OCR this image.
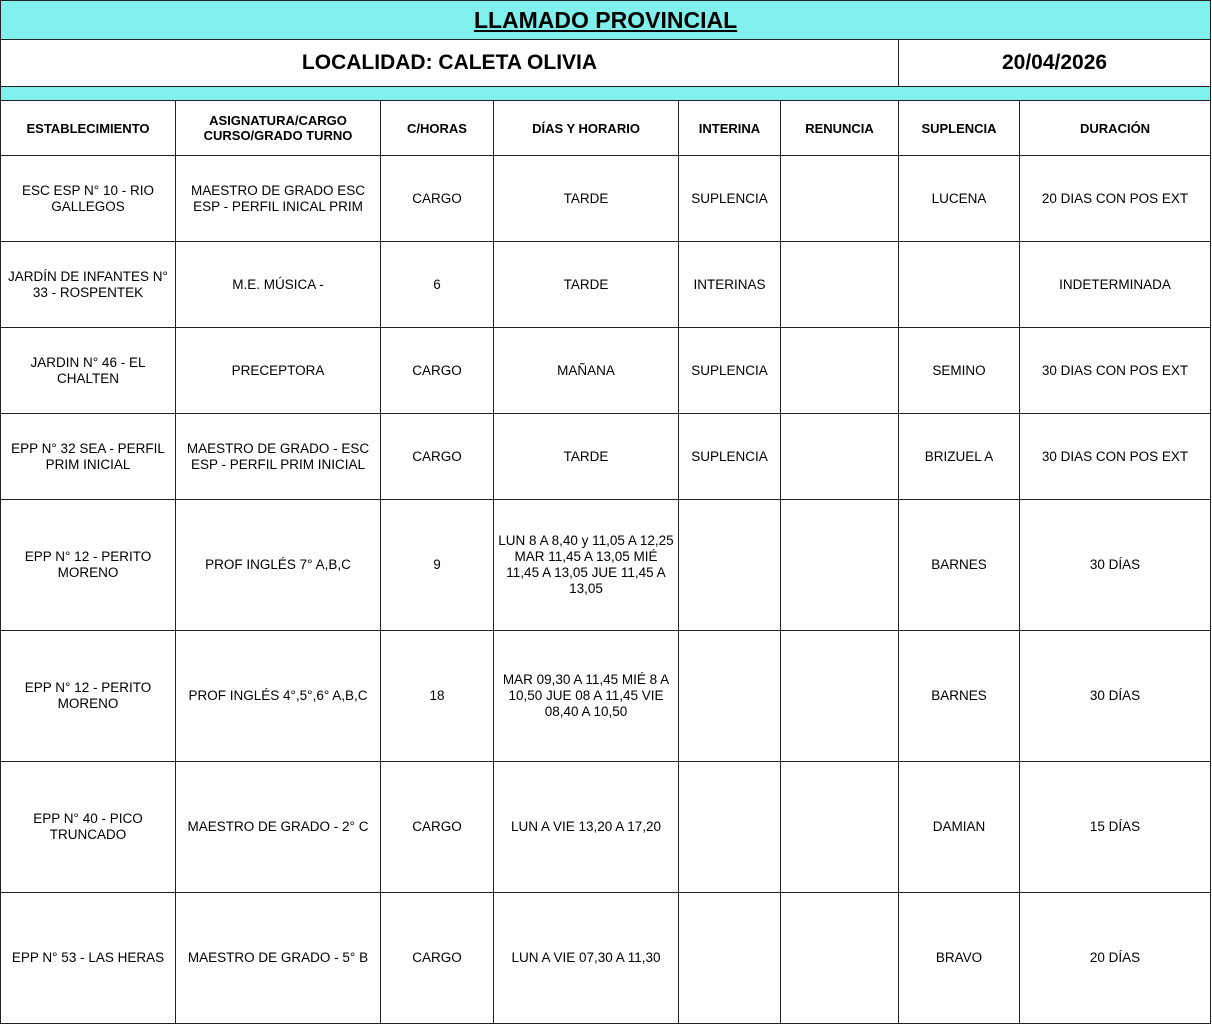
LLAMADO PROVINCIAL							
LOCALIDAD: CALETA OLIVIA						20/04/2026	

ESTABLECIMIENTO	ASIGNATURA/CARGO CURSO/GRADO TURNO	C/HORAS	DÍAS Y HORARIO	INTERINA	RENUNCIA	SUPLENCIA	DURACIÓN
ESC ESP N° 10 - RIO GALLEGOS	MAESTRO DE GRADO ESC ESP - PERFIL INICAL PRIM	CARGO	TARDE	SUPLENCIA		LUCENA	20 DIAS CON POS EXT
JARDÍN DE INFANTES N° 33 - ROSPENTEK	M.E. MÚSICA -	6	TARDE	INTERINAS			INDETERMINADA
JARDIN N° 46 - EL CHALTEN	PRECEPTORA	CARGO	MAÑANA	SUPLENCIA		SEMINO	30 DIAS CON POS EXT
EPP N° 32 SEA - PERFIL PRIM INICIAL	MAESTRO DE GRADO - ESC ESP - PERFIL PRIM INICIAL	CARGO	TARDE	SUPLENCIA		BRIZUEL A	30 DIAS CON POS EXT
EPP N° 12 - PERITO MORENO	PROF INGLÉS 7° A,B,C	9	LUN 8 A 8,40 y 11,05 A 12,25 MAR 11,45 A 13,05 MIÉ 11,45 A 13,05 JUE 11,45 A 13,05			BARNES	30 DÍAS
EPP N° 12 - PERITO MORENO	PROF INGLÉS 4°,5°,6° A,B,C	18	MAR 09,30 A 11,45 MIÉ 8 A 10,50 JUE 08 A 11,45 VIE 08,40 A 10,50			BARNES	30 DÍAS
EPP N° 40 - PICO TRUNCADO	MAESTRO DE GRADO - 2° C	CARGO	LUN A VIE 13,20 A 17,20			DAMIAN	15 DÍAS
EPP N° 53 - LAS HERAS	MAESTRO DE GRADO - 5° B	CARGO	LUN A VIE 07,30 A 11,30			BRAVO	20 DÍAS
